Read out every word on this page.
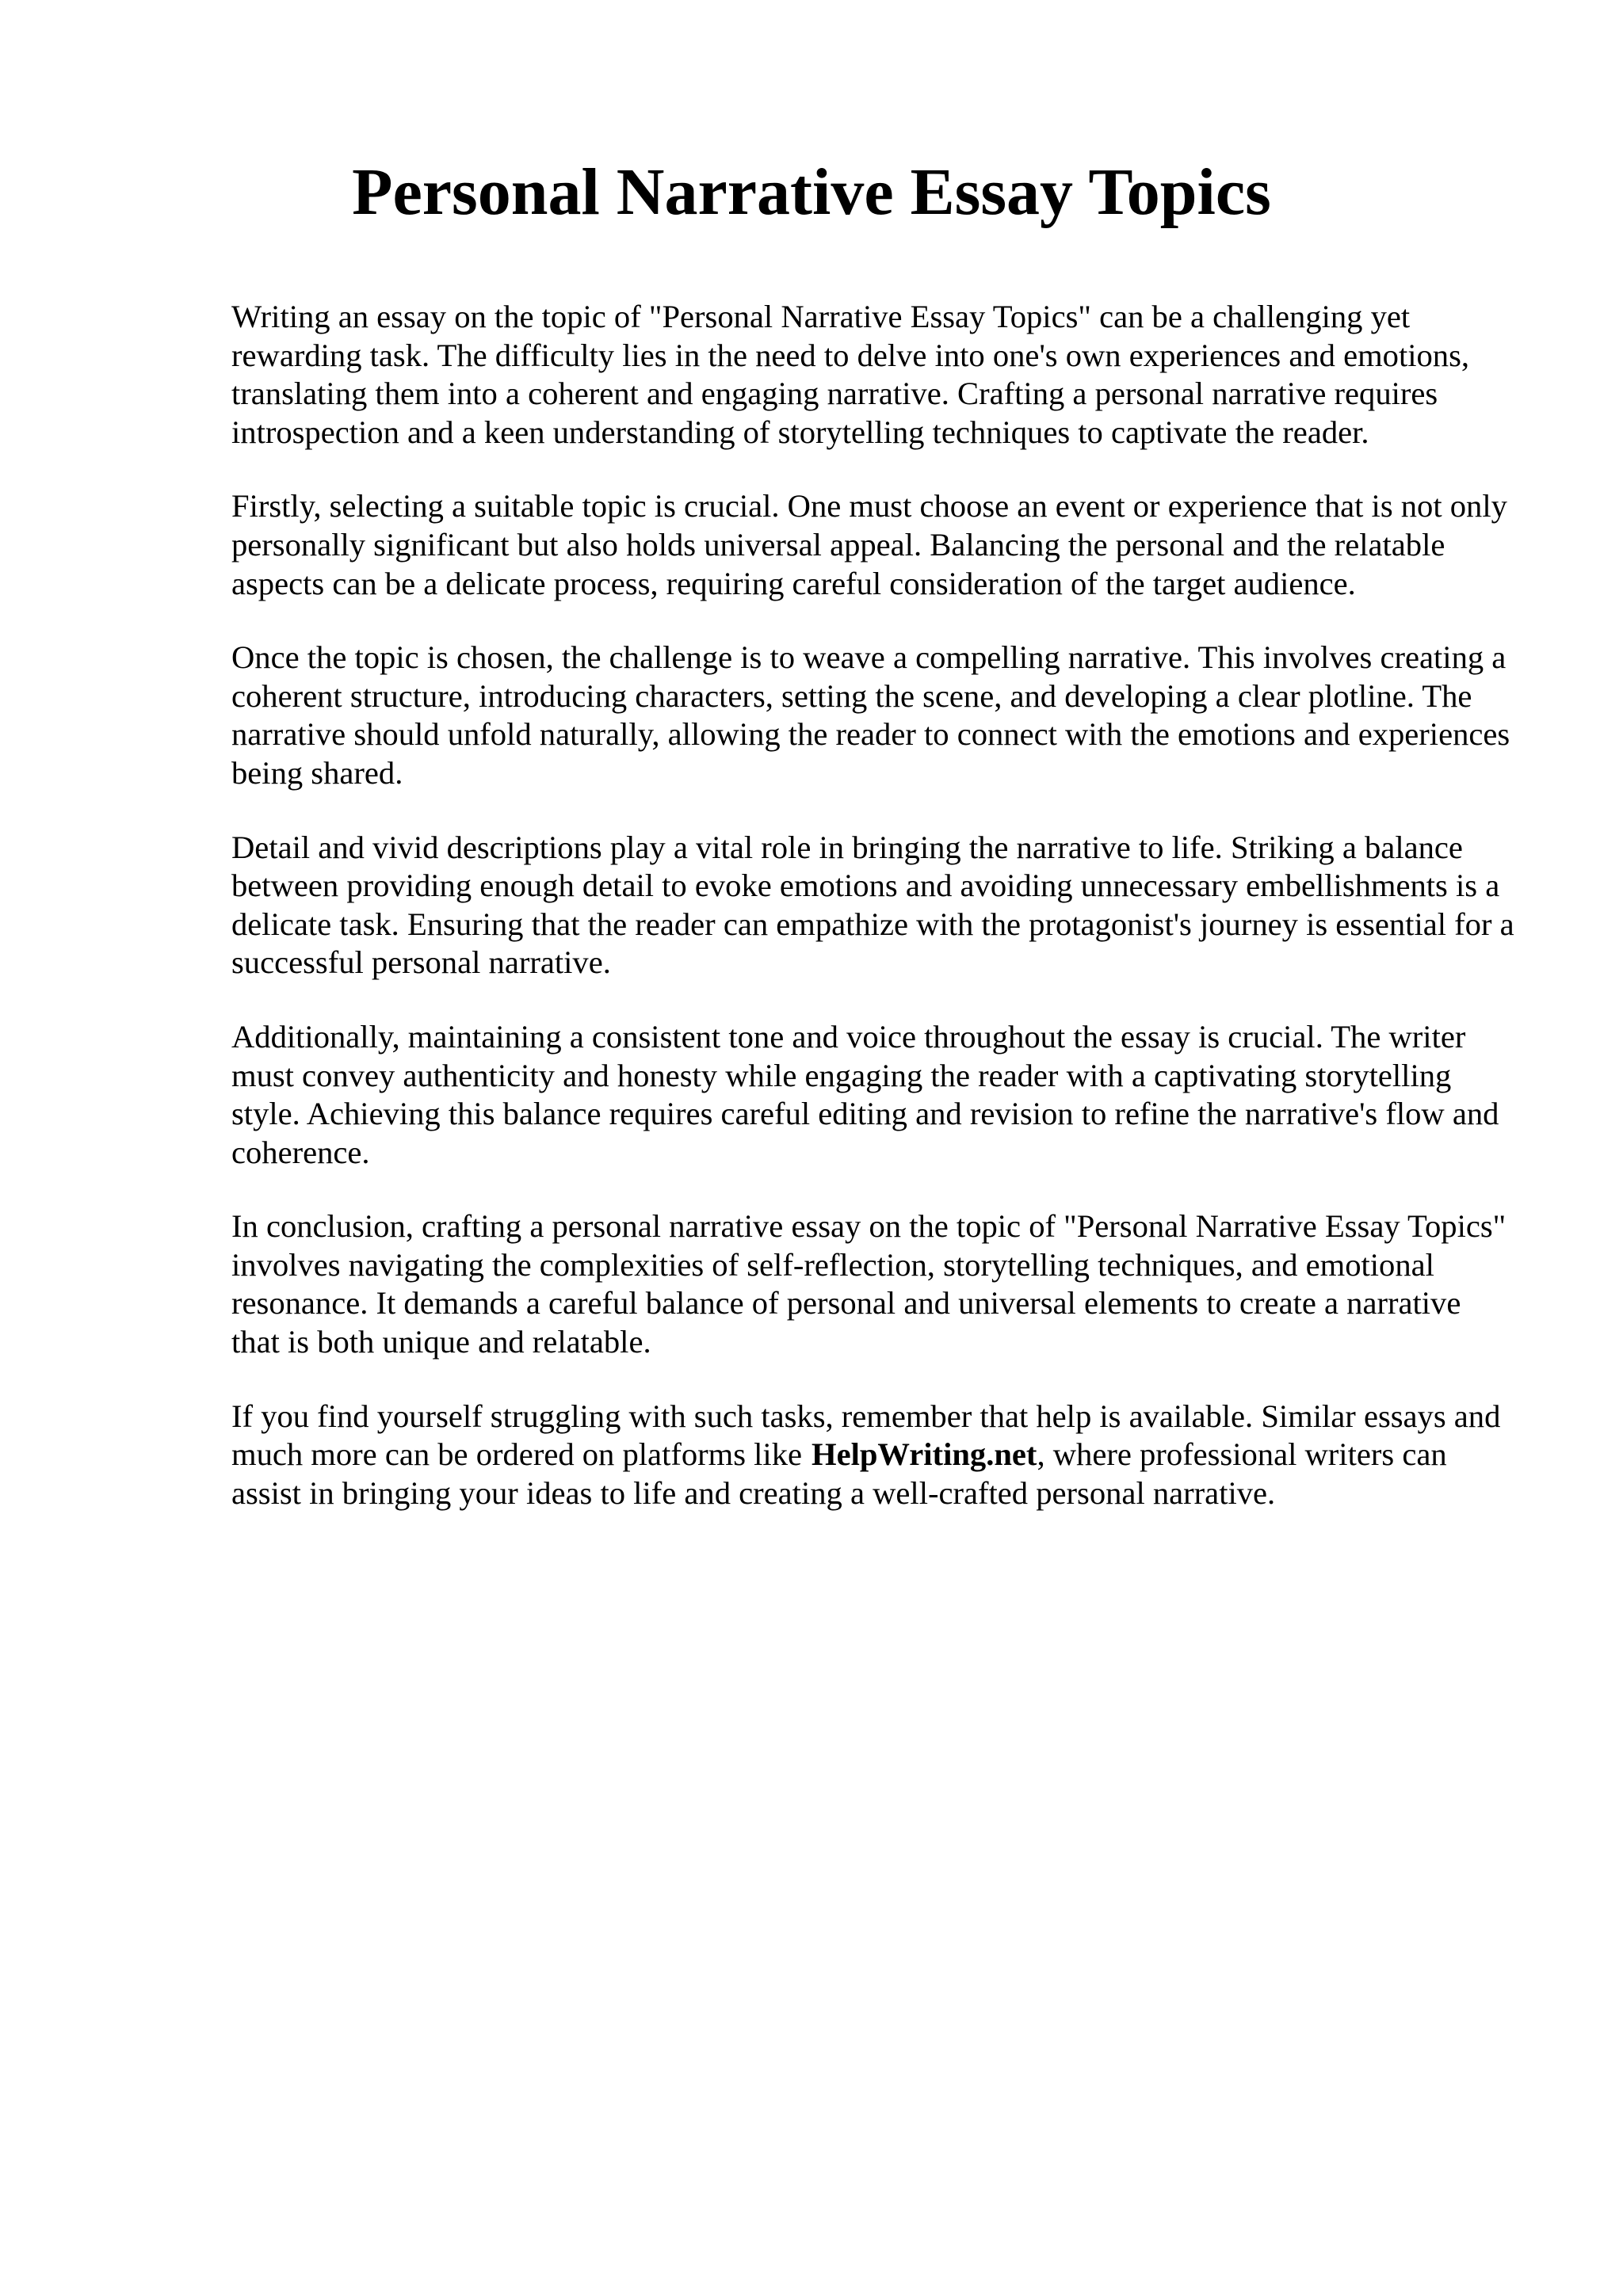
Personal Narrative Essay Topics

Writing an essay on the topic of "Personal Narrative Essay Topics" can be a challenging yet rewarding task. The difficulty lies in the need to delve into one's own experiences and emotions, translating them into a coherent and engaging narrative. Crafting a personal narrative requires introspection and a keen understanding of storytelling techniques to captivate the reader.

Firstly, selecting a suitable topic is crucial. One must choose an event or experience that is not only personally significant but also holds universal appeal. Balancing the personal and the relatable aspects can be a delicate process, requiring careful consideration of the target audience.

Once the topic is chosen, the challenge is to weave a compelling narrative. This involves creating a coherent structure, introducing characters, setting the scene, and developing a clear plotline. The narrative should unfold naturally, allowing the reader to connect with the emotions and experiences being shared.

Detail and vivid descriptions play a vital role in bringing the narrative to life. Striking a balance between providing enough detail to evoke emotions and avoiding unnecessary embellishments is a delicate task. Ensuring that the reader can empathize with the protagonist's journey is essential for a successful personal narrative.

Additionally, maintaining a consistent tone and voice throughout the essay is crucial. The writer must convey authenticity and honesty while engaging the reader with a captivating storytelling style. Achieving this balance requires careful editing and revision to refine the narrative's flow and coherence.

In conclusion, crafting a personal narrative essay on the topic of "Personal Narrative Essay Topics" involves navigating the complexities of self-reflection, storytelling techniques, and emotional resonance. It demands a careful balance of personal and universal elements to create a narrative that is both unique and relatable.

If you find yourself struggling with such tasks, remember that help is available. Similar essays and much more can be ordered on platforms like HelpWriting.net, where professional writers can assist in bringing your ideas to life and creating a well-crafted personal narrative.
